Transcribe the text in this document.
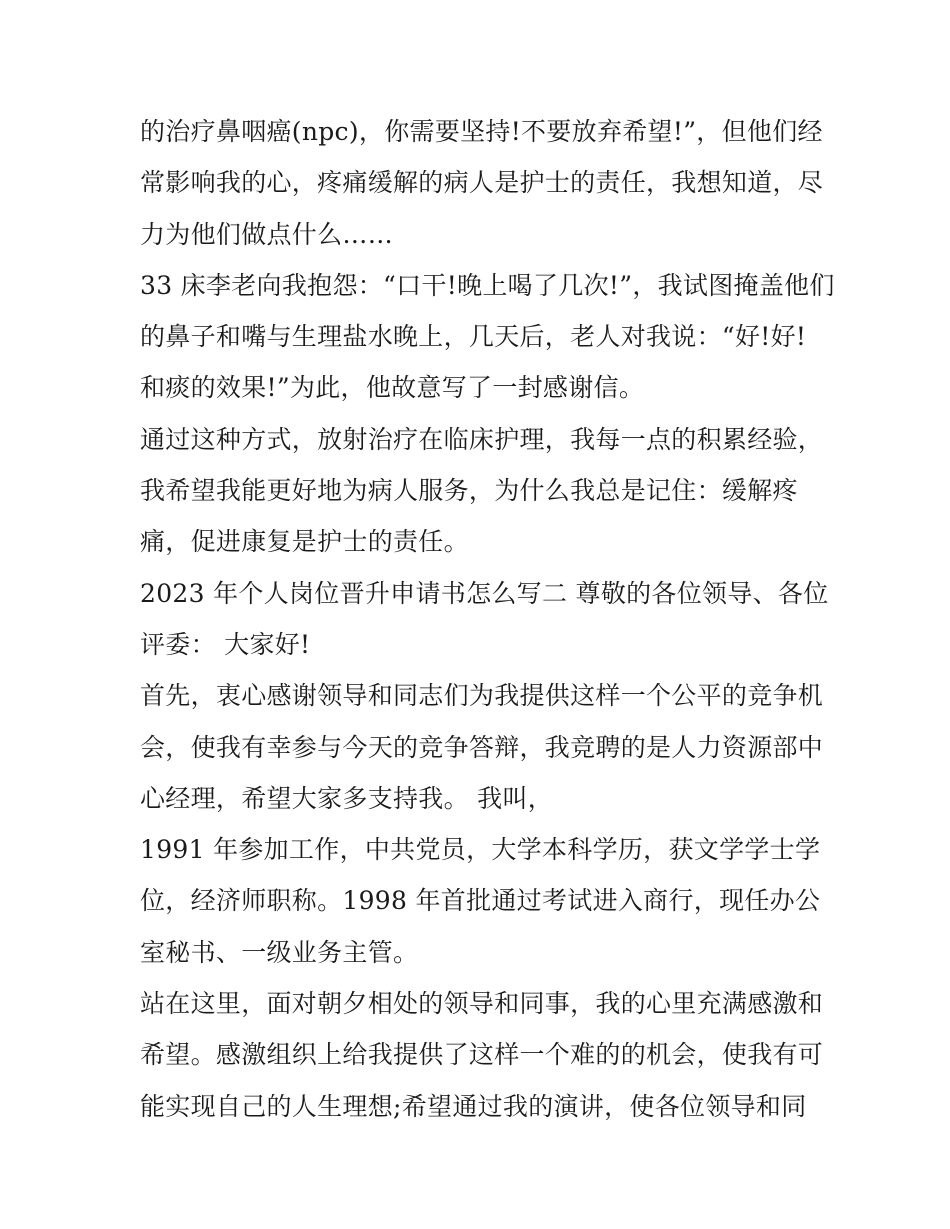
的治疗鼻咽癌(npc)，你需要坚持!不要放弃希望!”，但他们经
常影响我的心，疼痛缓解的病人是护士的责任，我想知道，尽
力为他们做点什么……
33 床李老向我抱怨：“口干!晚上喝了几次!”，我试图掩盖他们
的鼻子和嘴与生理盐水晚上，几天后，老人对我说：“好!好!
和痰的效果!”为此，他故意写了一封感谢信。
通过这种方式，放射治疗在临床护理，我每一点的积累经验，
我希望我能更好地为病人服务，为什么我总是记住：缓解疼
痛，促进康复是护士的责任。
2023 年个人岗位晋升申请书怎么写二 尊敬的各位领导、各位
评委： 大家好!
首先，衷心感谢领导和同志们为我提供这样一个公平的竞争机
会，使我有幸参与今天的竞争答辩，我竞聘的是人力资源部中
心经理，希望大家多支持我。 我叫，
1991 年参加工作，中共党员，大学本科学历，获文学学士学
位，经济师职称。1998 年首批通过考试进入商行，现任办公
室秘书、一级业务主管。
站在这里，面对朝夕相处的领导和同事，我的心里充满感激和
希望。感激组织上给我提供了这样一个难的的机会，使我有可
能实现自己的人生理想;希望通过我的演讲，使各位领导和同
